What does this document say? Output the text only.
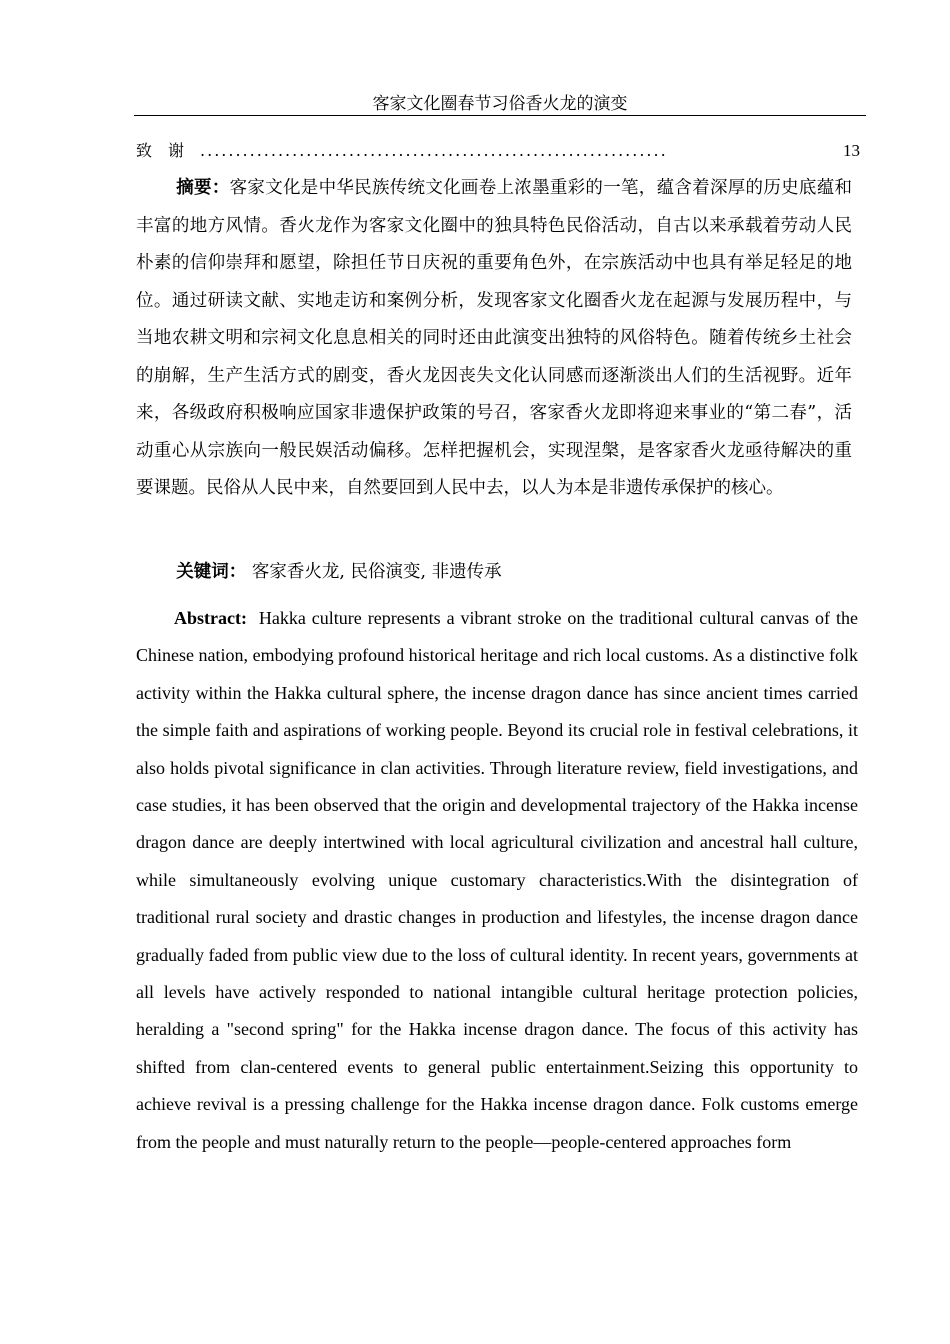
客家文化圈春节习俗香火龙的演变
致谢 ..................................................................	13

摘要：客家文化是中华民族传统文化画卷上浓墨重彩的一笔，蕴含着深厚的历史底蕴和丰富的地方风情。香火龙作为客家文化圈中的独具特色民俗活动，自古以来承载着劳动人民朴素的信仰崇拜和愿望，除担任节日庆祝的重要角色外，在宗族活动中也具有举足轻足的地位。通过研读文献、实地走访和案例分析，发现客家文化圈香火龙在起源与发展历程中，与当地农耕文明和宗祠文化息息相关的同时还由此演变出独特的风俗特色。随着传统乡土社会的崩解，生产生活方式的剧变，香火龙因丧失文化认同感而逐渐淡出人们的生活视野。近年来，各级政府积极响应国家非遗保护政策的号召，客家香火龙即将迎来事业的“第二春”，活动重心从宗族向一般民娱活动偏移。怎样把握机会，实现涅槃，是客家香火龙亟待解决的重要课题。民俗从人民中来，自然要回到人民中去，以人为本是非遗传承保护的核心。

关键词： 客家香火龙, 民俗演变, 非遗传承

Abstract: Hakka culture represents a vibrant stroke on the traditional cultural canvas of the Chinese nation, embodying profound historical heritage and rich local customs. As a distinctive folk activity within the Hakka cultural sphere, the incense dragon dance has since ancient times carried the simple faith and aspirations of working people. Beyond its crucial role in festival celebrations, it also holds pivotal significance in clan activities. Through literature review, field investigations, and case studies, it has been observed that the origin and developmental trajectory of the Hakka incense dragon dance are deeply intertwined with local agricultural civilization and ancestral hall culture, while simultaneously evolving unique customary characteristics.With the disintegration of traditional rural society and drastic changes in production and lifestyles, the incense dragon dance gradually faded from public view due to the loss of cultural identity. In recent years, governments at all levels have actively responded to national intangible cultural heritage protection policies, heralding a "second spring" for the Hakka incense dragon dance. The focus of this activity has shifted from clan-centered events to general public entertainment.Seizing this opportunity to achieve revival is a pressing challenge for the Hakka incense dragon dance. Folk customs emerge from the people and must naturally return to the people—people-centered approaches form
